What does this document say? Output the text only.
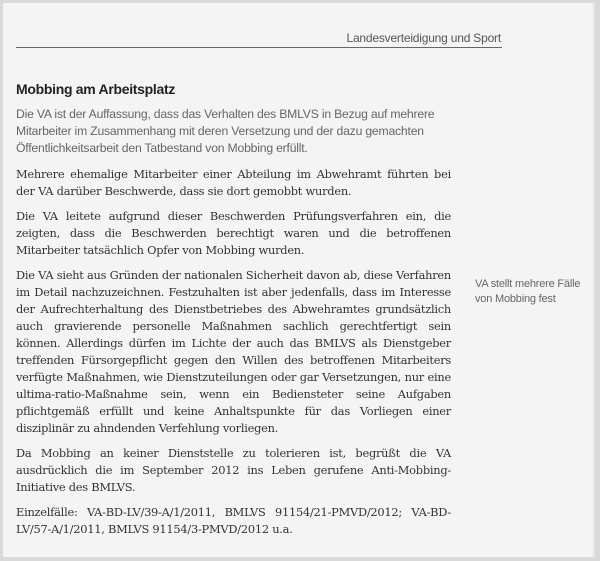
Landesverteidigung und Sport
Mobbing am Arbeitsplatz

Die VA ist der Auffassung, dass das Verhalten des BMLVS in Bezug auf mehrere Mitarbeiter im Zusammenhang mit deren Versetzung und der dazu gemachten Öffentlichkeitsarbeit den Tatbestand von Mobbing erfüllt.

Mehrere ehemalige Mitarbeiter einer Abteilung im Abwehramt führten bei der VA darüber Beschwerde, dass sie dort gemobbt wurden.

Die VA leitete aufgrund dieser Beschwerden Prüfungsverfahren ein, die zeigten, dass die Beschwerden berechtigt waren und die betroffenen Mitarbeiter tatsächlich Opfer von Mobbing wurden.

Die VA sieht aus Gründen der nationalen Sicherheit davon ab, diese Verfahren im Detail nachzuzeichnen. Festzuhalten ist aber jedenfalls, dass im Interesse der Aufrechterhaltung des Dienstbetriebes des Abwehramtes grundsätzlich auch gravierende personelle Maßnahmen sachlich gerechtfertigt sein können. Allerdings dürfen im Lichte der auch das BMLVS als Dienstgeber treffenden Fürsorgepflicht gegen den Willen des betroffenen Mitarbeiters verfügte Maßnahmen, wie Dienstzuteilungen oder gar Versetzungen, nur eine ultima-ratio-Maßnahme sein, wenn ein Bediensteter seine Aufgaben pflichtgemäß erfüllt und keine Anhaltspunkte für das Vorliegen einer disziplinär zu ahndenden Verfehlung vorliegen.

Da Mobbing an keiner Dienststelle zu tolerieren ist, begrüßt die VA ausdrücklich die im September 2012 ins Leben gerufene Anti-Mobbing-Initiative des BMLVS.

Einzelfälle: VA-BD-LV/39-A/1/2011, BMLVS 91154/21-PMVD/2012; VA-BD-LV/57-A/1/2011, BMLVS 91154/3-PMVD/2012 u.a.

VA stellt mehrere Fälle von Mobbing fest
